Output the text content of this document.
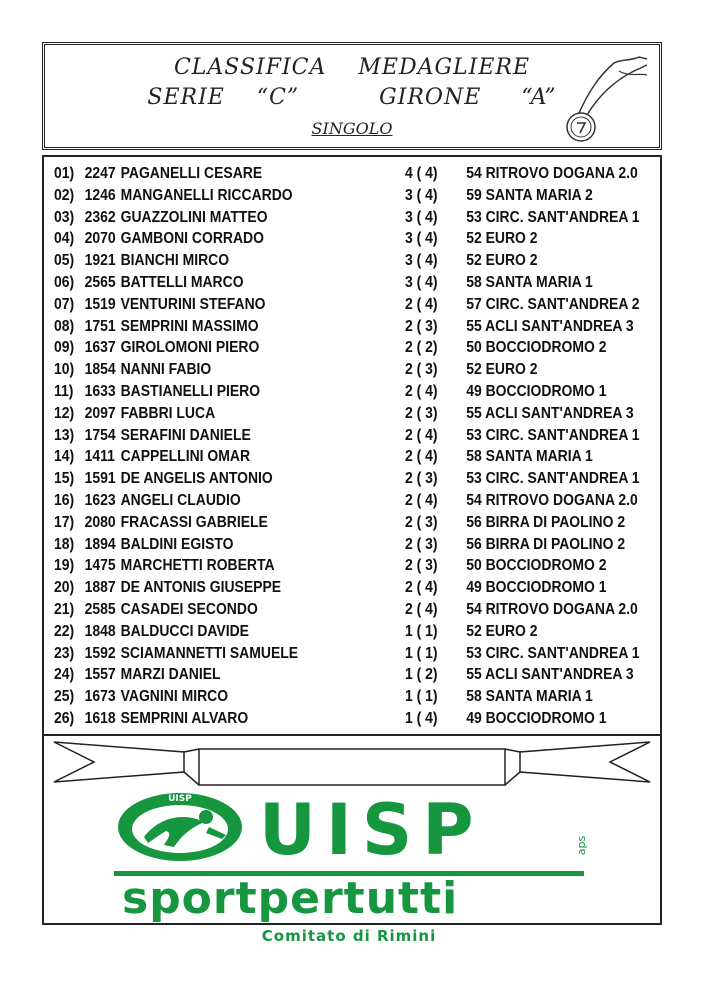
CLASSIFICA    MEDAGLIERE
SERIE    “C”          GIRONE     “A”
SINGOLO
01) 2247 PAGANELLI CESARE	4 ( 4) 54 RITROVO DOGANA 2.0
02) 1246 MANGANELLI RICCARDO	3 ( 4) 59 SANTA MARIA 2
03) 2362 GUAZZOLINI MATTEO	3 ( 4) 53 CIRC. SANT'ANDREA 1
04) 2070 GAMBONI CORRADO	3 ( 4) 52 EURO 2
05) 1921 BIANCHI MIRCO	3 ( 4) 52 EURO 2
06) 2565 BATTELLI MARCO	3 ( 4) 58 SANTA MARIA 1
07) 1519 VENTURINI STEFANO	2 ( 4) 57 CIRC. SANT'ANDREA 2
08) 1751 SEMPRINI MASSIMO	2 ( 3) 55 ACLI SANT'ANDREA 3
09) 1637 GIROLOMONI PIERO	2 ( 2) 50 BOCCIODROMO 2
10) 1854 NANNI FABIO	2 ( 3) 52 EURO 2
11) 1633 BASTIANELLI PIERO	2 ( 4) 49 BOCCIODROMO 1
12) 2097 FABBRI LUCA	2 ( 3) 55 ACLI SANT'ANDREA 3
13) 1754 SERAFINI DANIELE	2 ( 4) 53 CIRC. SANT'ANDREA 1
14) 1411 CAPPELLINI OMAR	2 ( 4) 58 SANTA MARIA 1
15) 1591 DE ANGELIS ANTONIO	2 ( 3) 53 CIRC. SANT'ANDREA 1
16) 1623 ANGELI CLAUDIO	2 ( 4) 54 RITROVO DOGANA 2.0
17) 2080 FRACASSI GABRIELE	2 ( 3) 56 BIRRA DI PAOLINO 2
18) 1894 BALDINI EGISTO	2 ( 3) 56 BIRRA DI PAOLINO 2
19) 1475 MARCHETTI ROBERTA	2 ( 3) 50 BOCCIODROMO 2
20) 1887 DE ANTONIS GIUSEPPE	2 ( 4) 49 BOCCIODROMO 1
21) 2585 CASADEI SECONDO	2 ( 4) 54 RITROVO DOGANA 2.0
22) 1848 BALDUCCI DAVIDE	1 ( 1) 52 EURO 2
23) 1592 SCIAMANNETTI SAMUELE	1 ( 1) 53 CIRC. SANT'ANDREA 1
24) 1557 MARZI DANIEL	1 ( 2) 55 ACLI SANT'ANDREA 3
25) 1673 VAGNINI MIRCO	1 ( 1) 58 SANTA MARIA 1
26) 1618 SEMPRINI ALVARO	1 ( 4) 49 BOCCIODROMO 1
UISP UISP	aps
sportpertutti
Comitato di Rimini
